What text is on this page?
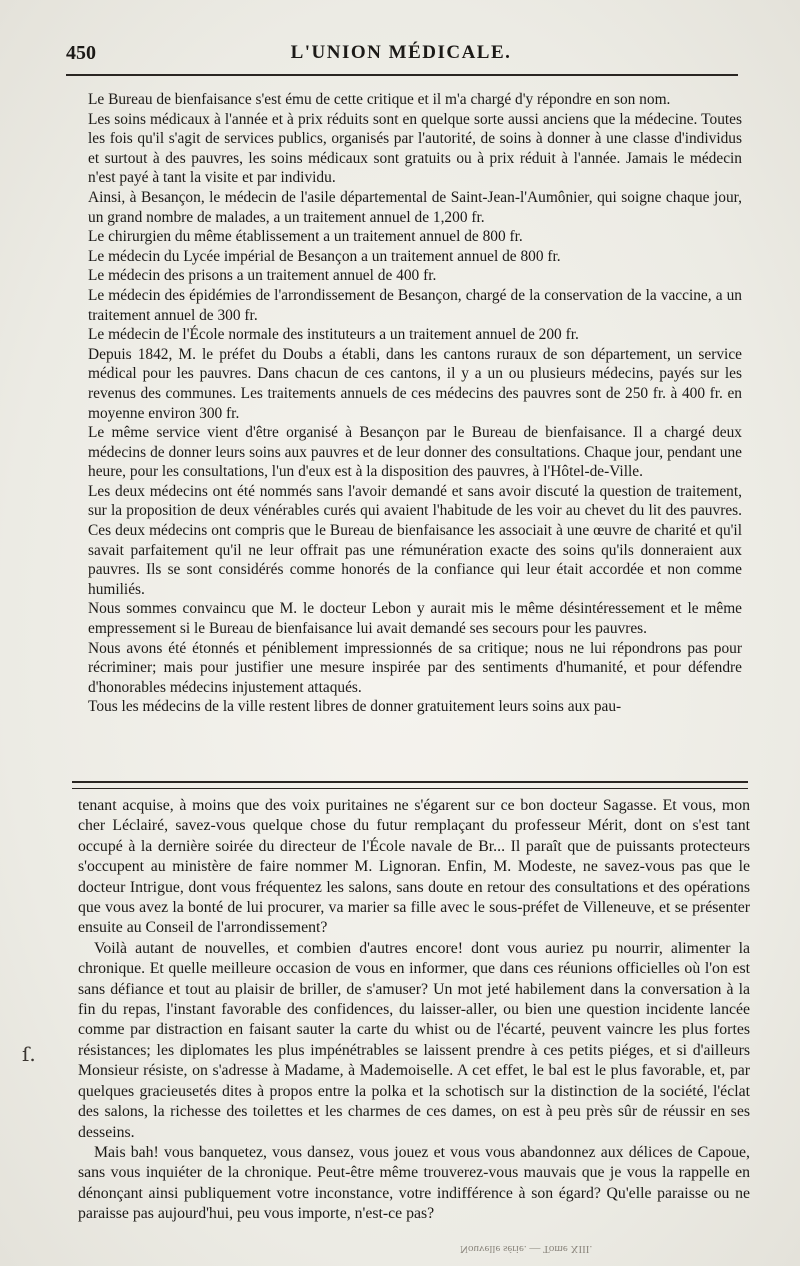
450	L'UNION MÉDICALE.

Le Bureau de bienfaisance s'est ému de cette critique et il m'a chargé d'y répondre en son nom.

Les soins médicaux à l'année et à prix réduits sont en quelque sorte aussi anciens que la médecine. Toutes les fois qu'il s'agit de services publics, organisés par l'autorité, de soins à donner à une classe d'individus et surtout à des pauvres, les soins médicaux sont gratuits ou à prix réduit à l'année. Jamais le médecin n'est payé à tant la visite et par individu.

Ainsi, à Besançon, le médecin de l'asile départemental de Saint-Jean-l'Aumônier, qui soigne chaque jour, un grand nombre de malades, a un traitement annuel de 1,200 fr.

Le chirurgien du même établissement a un traitement annuel de 800 fr.

Le médecin du Lycée impérial de Besançon a un traitement annuel de 800 fr.

Le médecin des prisons a un traitement annuel de 400 fr.

Le médecin des épidémies de l'arrondissement de Besançon, chargé de la conservation de la vaccine, a un traitement annuel de 300 fr.

Le médecin de l'École normale des instituteurs a un traitement annuel de 200 fr.

Depuis 1842, M. le préfet du Doubs a établi, dans les cantons ruraux de son département, un service médical pour les pauvres. Dans chacun de ces cantons, il y a un ou plusieurs médecins, payés sur les revenus des communes. Les traitements annuels de ces médecins des pauvres sont de 250 fr. à 400 fr. en moyenne environ 300 fr.

Le même service vient d'être organisé à Besançon par le Bureau de bienfaisance. Il a chargé deux médecins de donner leurs soins aux pauvres et de leur donner des consultations. Chaque jour, pendant une heure, pour les consultations, l'un d'eux est à la disposition des pauvres, à l'Hôtel-de-Ville.

Les deux médecins ont été nommés sans l'avoir demandé et sans avoir discuté la question de traitement, sur la proposition de deux vénérables curés qui avaient l'habitude de les voir au chevet du lit des pauvres. Ces deux médecins ont compris que le Bureau de bienfaisance les associait à une œuvre de charité et qu'il savait parfaitement qu'il ne leur offrait pas une rémunération exacte des soins qu'ils donneraient aux pauvres. Ils se sont considérés comme honorés de la confiance qui leur était accordée et non comme humiliés.

Nous sommes convaincu que M. le docteur Lebon y aurait mis le même désintéressement et le même empressement si le Bureau de bienfaisance lui avait demandé ses secours pour les pauvres.

Nous avons été étonnés et péniblement impressionnés de sa critique; nous ne lui répondrons pas pour récriminer; mais pour justifier une mesure inspirée par des sentiments d'humanité, et pour défendre d'honorables médecins injustement attaqués.

Tous les médecins de la ville restent libres de donner gratuitement leurs soins aux pau-

tenant acquise, à moins que des voix puritaines ne s'égarent sur ce bon docteur Sagasse. Et vous, mon cher Léclairé, savez-vous quelque chose du futur remplaçant du professeur Mérit, dont on s'est tant occupé à la dernière soirée du directeur de l'École navale de Br... Il paraît que de puissants protecteurs s'occupent au ministère de faire nommer M. Lignoran. Enfin, M. Modeste, ne savez-vous pas que le docteur Intrigue, dont vous fréquentez les salons, sans doute en retour des consultations et des opérations que vous avez la bonté de lui procurer, va marier sa fille avec le sous-préfet de Villeneuve, et se présenter ensuite au Conseil de l'arrondissement?

Voilà autant de nouvelles, et combien d'autres encore! dont vous auriez pu nourrir, alimenter la chronique. Et quelle meilleure occasion de vous en informer, que dans ces réunions officielles où l'on est sans défiance et tout au plaisir de briller, de s'amuser? Un mot jeté habilement dans la conversation à la fin du repas, l'instant favorable des confidences, du laisser-aller, ou bien une question incidente lancée comme par distraction en faisant sauter la carte du whist ou de l'écarté, peuvent vaincre les plus fortes résistances; les diplomates les plus impénétrables se laissent prendre à ces petits piéges, et si d'ailleurs Monsieur résiste, on s'adresse à Madame, à Mademoiselle. A cet effet, le bal est le plus favorable, et, par quelques gracieusetés dites à propos entre la polka et la schotisch sur la distinction de la société, l'éclat des salons, la richesse des toilettes et les charmes de ces dames, on est à peu près sûr de réussir en ses desseins.

Mais bah! vous banquetez, vous dansez, vous jouez et vous vous abandonnez aux délices de Capoue, sans vous inquiéter de la chronique. Peut-être même trouverez-vous mauvais que je vous la rappelle en dénonçant ainsi publiquement votre inconstance, votre indifférence à son égard? Qu'elle paraisse ou ne paraisse pas aujourd'hui, peu vous importe, n'est-ce pas?

ſ.
Nouvelle série. — Tome XIII.
